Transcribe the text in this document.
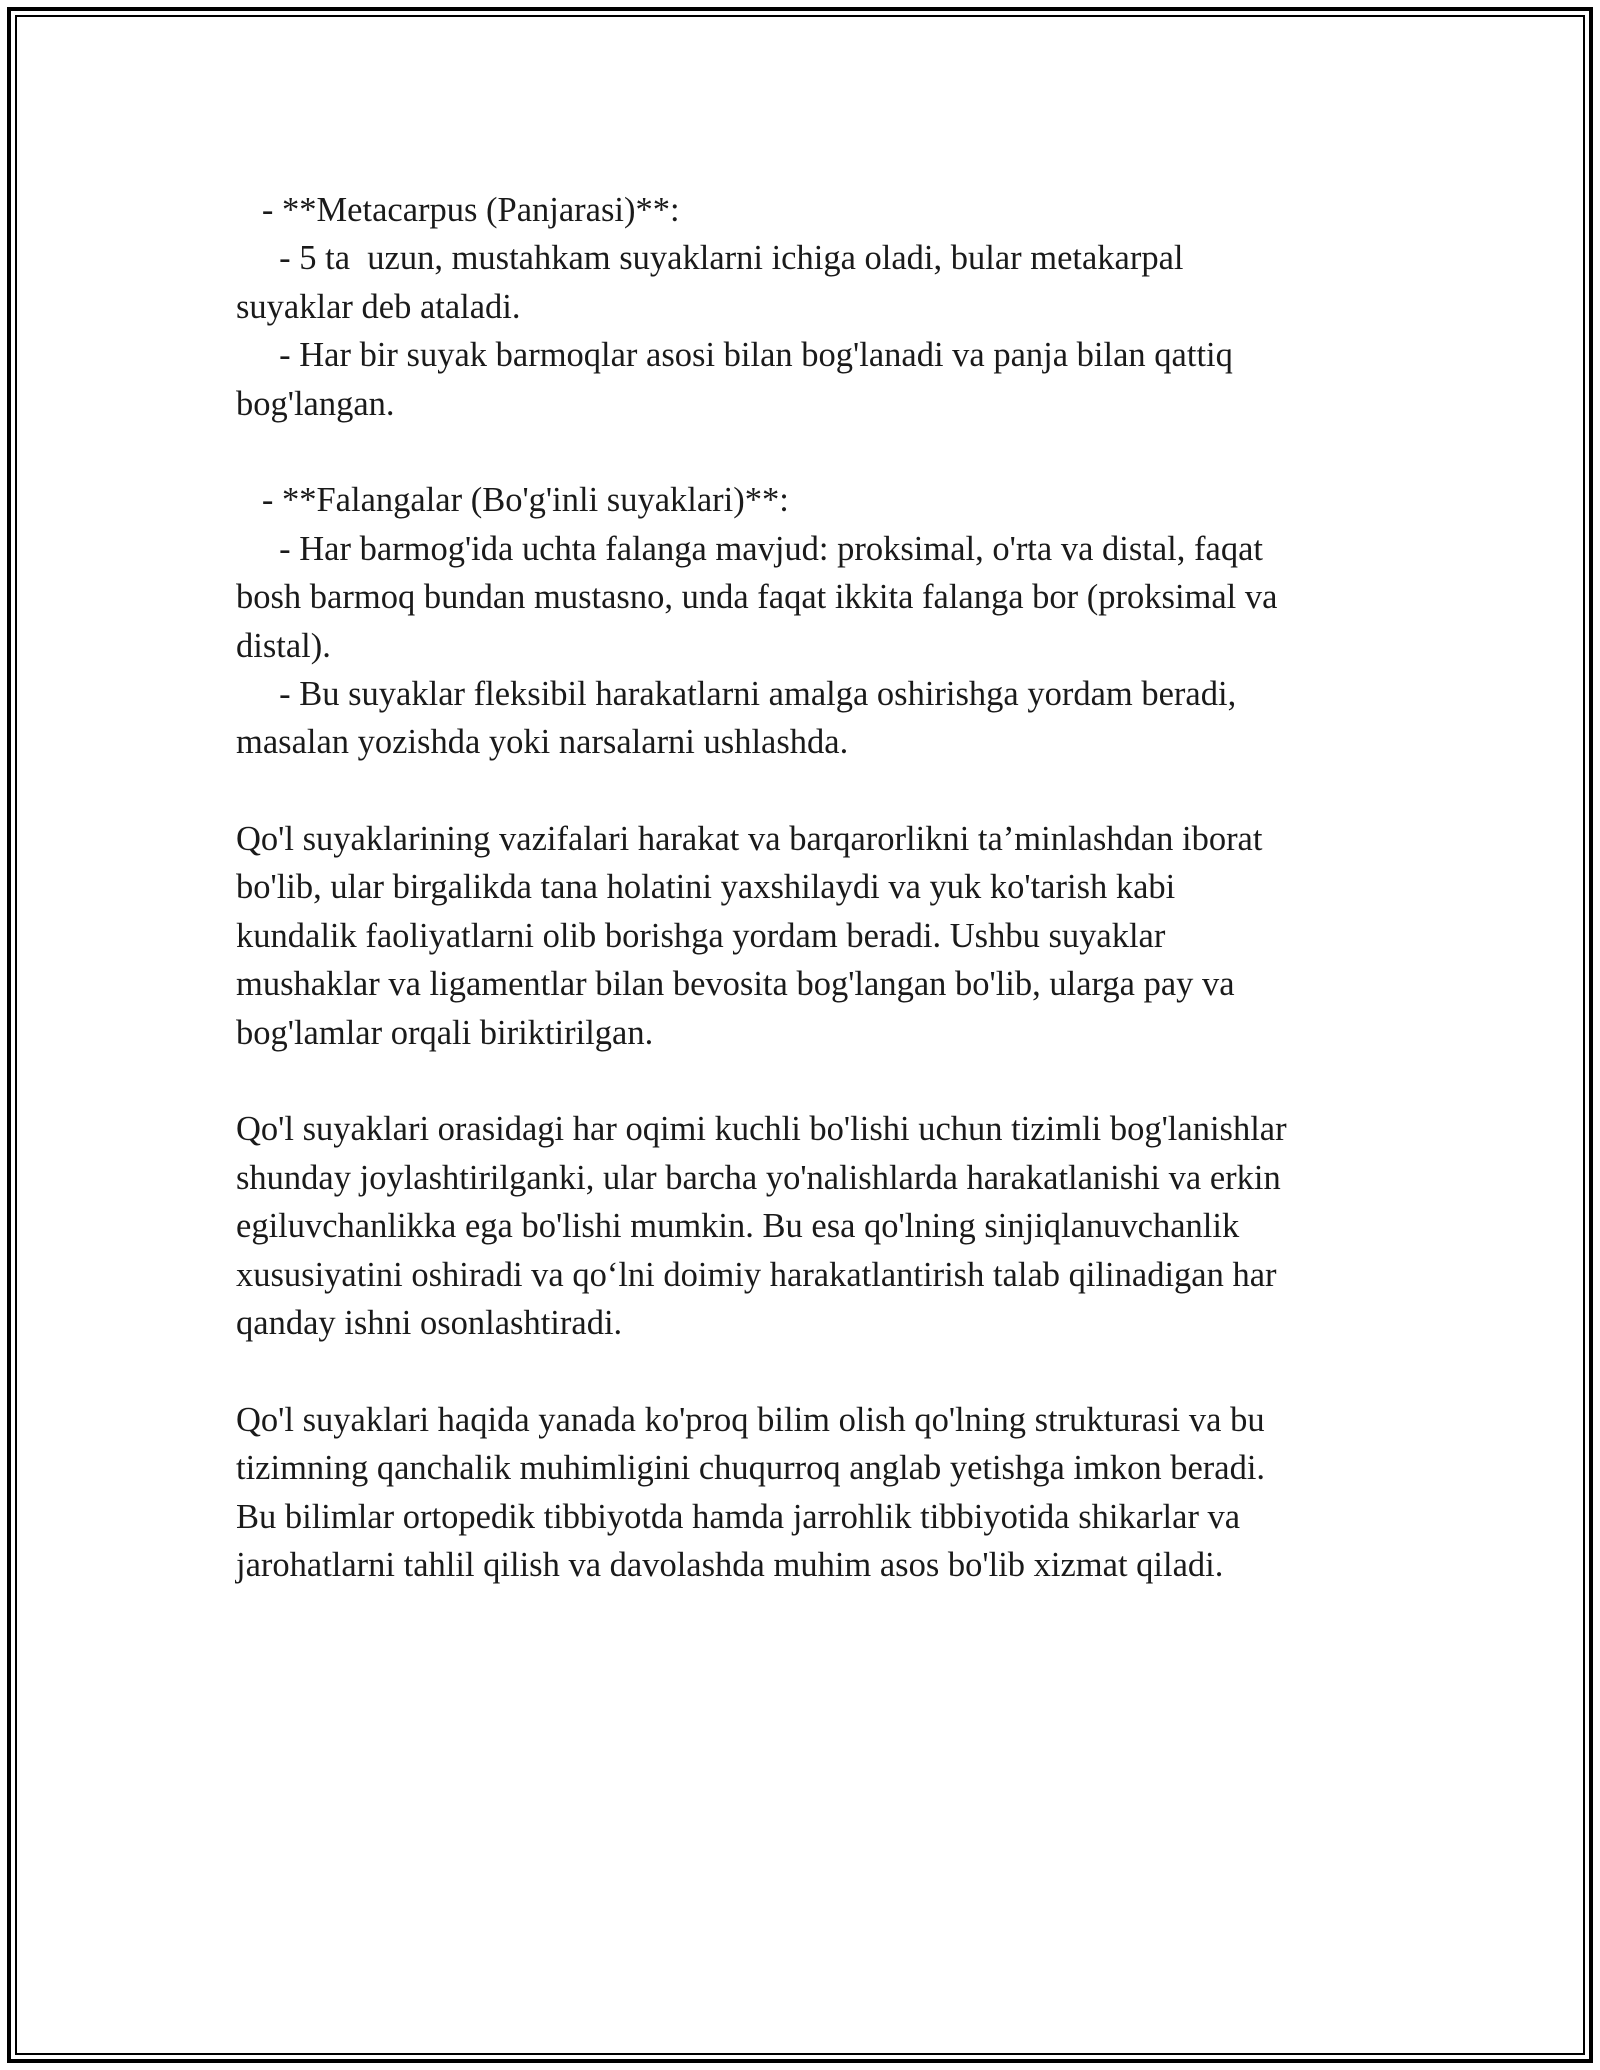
- **Metacarpus (Panjarasi)**:
- 5 ta  uzun, mustahkam suyaklarni ichiga oladi, bular metakarpal
suyaklar deb ataladi.
- Har bir suyak barmoqlar asosi bilan bog'lanadi va panja bilan qattiq
bog'langan.
- **Falangalar (Bo'g'inli suyaklari)**:
- Har barmog'ida uchta falanga mavjud: proksimal, o'rta va distal, faqat
bosh barmoq bundan mustasno, unda faqat ikkita falanga bor (proksimal va
distal).
- Bu suyaklar fleksibil harakatlarni amalga oshirishga yordam beradi,
masalan yozishda yoki narsalarni ushlashda.
Qo'l suyaklarining vazifalari harakat va barqarorlikni ta’minlashdan iborat
bo'lib, ular birgalikda tana holatini yaxshilaydi va yuk ko'tarish kabi
kundalik faoliyatlarni olib borishga yordam beradi. Ushbu suyaklar
mushaklar va ligamentlar bilan bevosita bog'langan bo'lib, ularga pay va
bog'lamlar orqali biriktirilgan.
Qo'l suyaklari orasidagi har oqimi kuchli bo'lishi uchun tizimli bog'lanishlar
shunday joylashtirilganki, ular barcha yo'nalishlarda harakatlanishi va erkin
egiluvchanlikka ega bo'lishi mumkin. Bu esa qo'lning sinjiqlanuvchanlik
xususiyatini oshiradi va qo‘lni doimiy harakatlantirish talab qilinadigan har
qanday ishni osonlashtiradi.
Qo'l suyaklari haqida yanada ko'proq bilim olish qo'lning strukturasi va bu
tizimning qanchalik muhimligini chuqurroq anglab yetishga imkon beradi.
Bu bilimlar ortopedik tibbiyotda hamda jarrohlik tibbiyotida shikarlar va
jarohatlarni tahlil qilish va davolashda muhim asos bo'lib xizmat qiladi.
